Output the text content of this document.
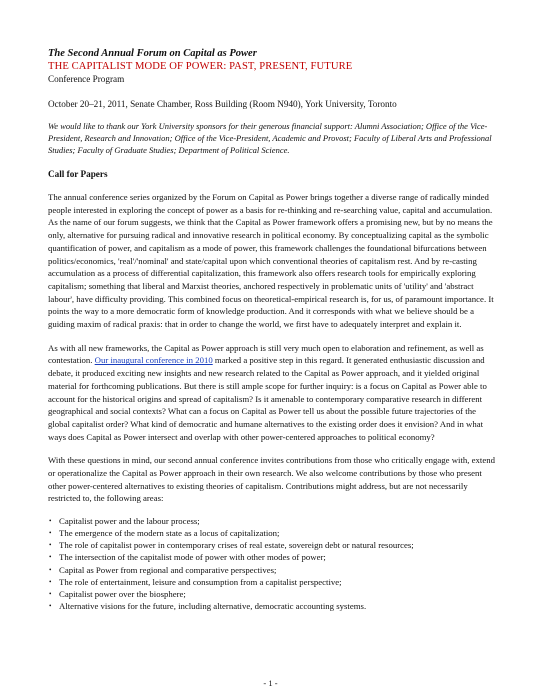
The Second Annual Forum on Capital as Power

THE CAPITALIST MODE OF POWER: PAST, PRESENT, FUTURE

Conference Program

October 20–21, 2011, Senate Chamber, Ross Building (Room N940), York University, Toronto

We would like to thank our York University sponsors for their generous financial support: Alumni Association; Office of the Vice-President, Research and Innovation; Office of the Vice-President, Academic and Provost; Faculty of Liberal Arts and Professional Studies; Faculty of Graduate Studies; Department of Political Science.

Call for Papers

The annual conference series organized by the Forum on Capital as Power brings together a diverse range of radically minded people interested in exploring the concept of power as a basis for re-thinking and re-searching value, capital and accumulation. As the name of our forum suggests, we think that the Capital as Power framework offers a promising new, but by no means the only, alternative for pursuing radical and innovative research in political economy. By conceptualizing capital as the symbolic quantification of power, and capitalism as a mode of power, this framework challenges the foundational bifurcations between politics/economics, 'real'/'nominal' and state/capital upon which conventional theories of capitalism rest. And by re-casting accumulation as a process of differential capitalization, this framework also offers research tools for empirically exploring capitalism; something that liberal and Marxist theories, anchored respectively in problematic units of 'utility' and 'abstract labour', have difficulty providing. This combined focus on theoretical-empirical research is, for us, of paramount importance. It points the way to a more democratic form of knowledge production. And it corresponds with what we believe should be a guiding maxim of radical praxis: that in order to change the world, we first have to adequately interpret and explain it.

As with all new frameworks, the Capital as Power approach is still very much open to elaboration and refinement, as well as contestation. Our inaugural conference in 2010 marked a positive step in this regard. It generated enthusiastic discussion and debate, it produced exciting new insights and new research related to the Capital as Power approach, and it yielded original material for forthcoming publications. But there is still ample scope for further inquiry: is a focus on Capital as Power able to account for the historical origins and spread of capitalism? Is it amenable to contemporary comparative research in different geographical and social contexts? What can a focus on Capital as Power tell us about the possible future trajectories of the global capitalist order? What kind of democratic and humane alternatives to the existing order does it envision? And in what ways does Capital as Power intersect and overlap with other power-centered approaches to political economy?

With these questions in mind, our second annual conference invites contributions from those who critically engage with, extend or operationalize the Capital as Power approach in their own research. We also welcome contributions by those who present other power-centered alternatives to existing theories of capitalism. Contributions might address, but are not necessarily restricted to, the following areas:

• Capitalist power and the labour process;
• The emergence of the modern state as a locus of capitalization;
• The role of capitalist power in contemporary crises of real estate, sovereign debt or natural resources;
• The intersection of the capitalist mode of power with other modes of power;
• Capital as Power from regional and comparative perspectives;
• The role of entertainment, leisure and consumption from a capitalist perspective;
• Capitalist power over the biosphere;
• Alternative visions for the future, including alternative, democratic accounting systems.
- 1 -
